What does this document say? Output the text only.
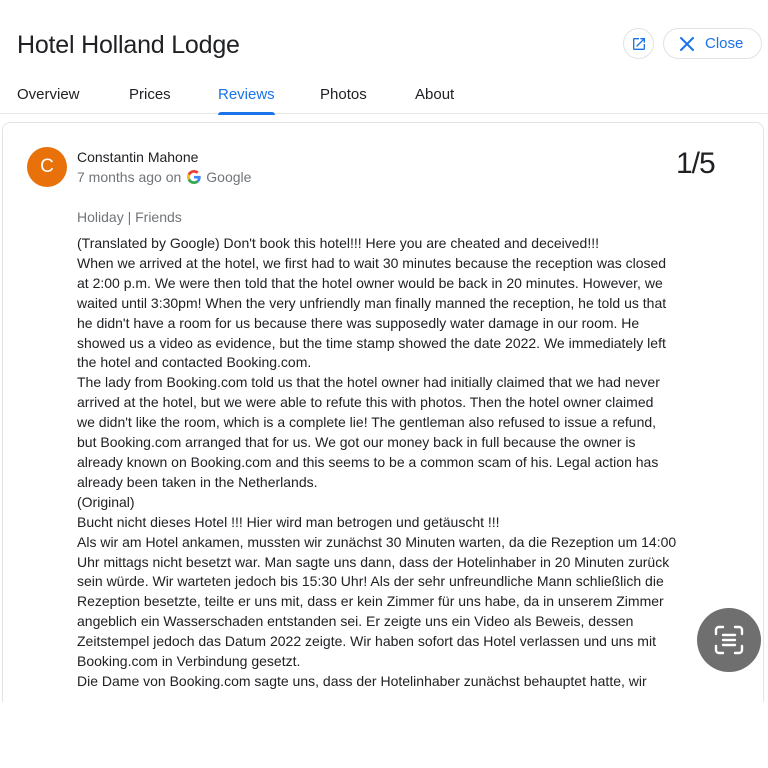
Hotel Holland Lodge	Close
Overview	Prices	Reviews	Photos	About
C	Constantin Mahone
7 months ago on Google	1/5
Holiday | Friends

(Translated by Google) Don't book this hotel!!! Here you are cheated and deceived!!!

When we arrived at the hotel, we first had to wait 30 minutes because the reception was closed

at 2:00 p.m. We were then told that the hotel owner would be back in 20 minutes. However, we

waited until 3:30pm! When the very unfriendly man finally manned the reception, he told us that

he didn't have a room for us because there was supposedly water damage in our room. He

showed us a video as evidence, but the time stamp showed the date 2022. We immediately left

the hotel and contacted Booking.com.

The lady from Booking.com told us that the hotel owner had initially claimed that we had never

arrived at the hotel, but we were able to refute this with photos. Then the hotel owner claimed

we didn't like the room, which is a complete lie! The gentleman also refused to issue a refund,

but Booking.com arranged that for us. We got our money back in full because the owner is

already known on Booking.com and this seems to be a common scam of his. Legal action has

already been taken in the Netherlands.

(Original)

Bucht nicht dieses Hotel !!! Hier wird man betrogen und getäuscht !!!

Als wir am Hotel ankamen, mussten wir zunächst 30 Minuten warten, da die Rezeption um 14:00

Uhr mittags nicht besetzt war. Man sagte uns dann, dass der Hotelinhaber in 20 Minuten zurück

sein würde. Wir warteten jedoch bis 15:30 Uhr! Als der sehr unfreundliche Mann schließlich die

Rezeption besetzte, teilte er uns mit, dass er kein Zimmer für uns habe, da in unserem Zimmer

angeblich ein Wasserschaden entstanden sei. Er zeigte uns ein Video als Beweis, dessen

Zeitstempel jedoch das Datum 2022 zeigte. Wir haben sofort das Hotel verlassen und uns mit

Booking.com in Verbindung gesetzt.

Die Dame von Booking.com sagte uns, dass der Hotelinhaber zunächst behauptet hatte, wir
